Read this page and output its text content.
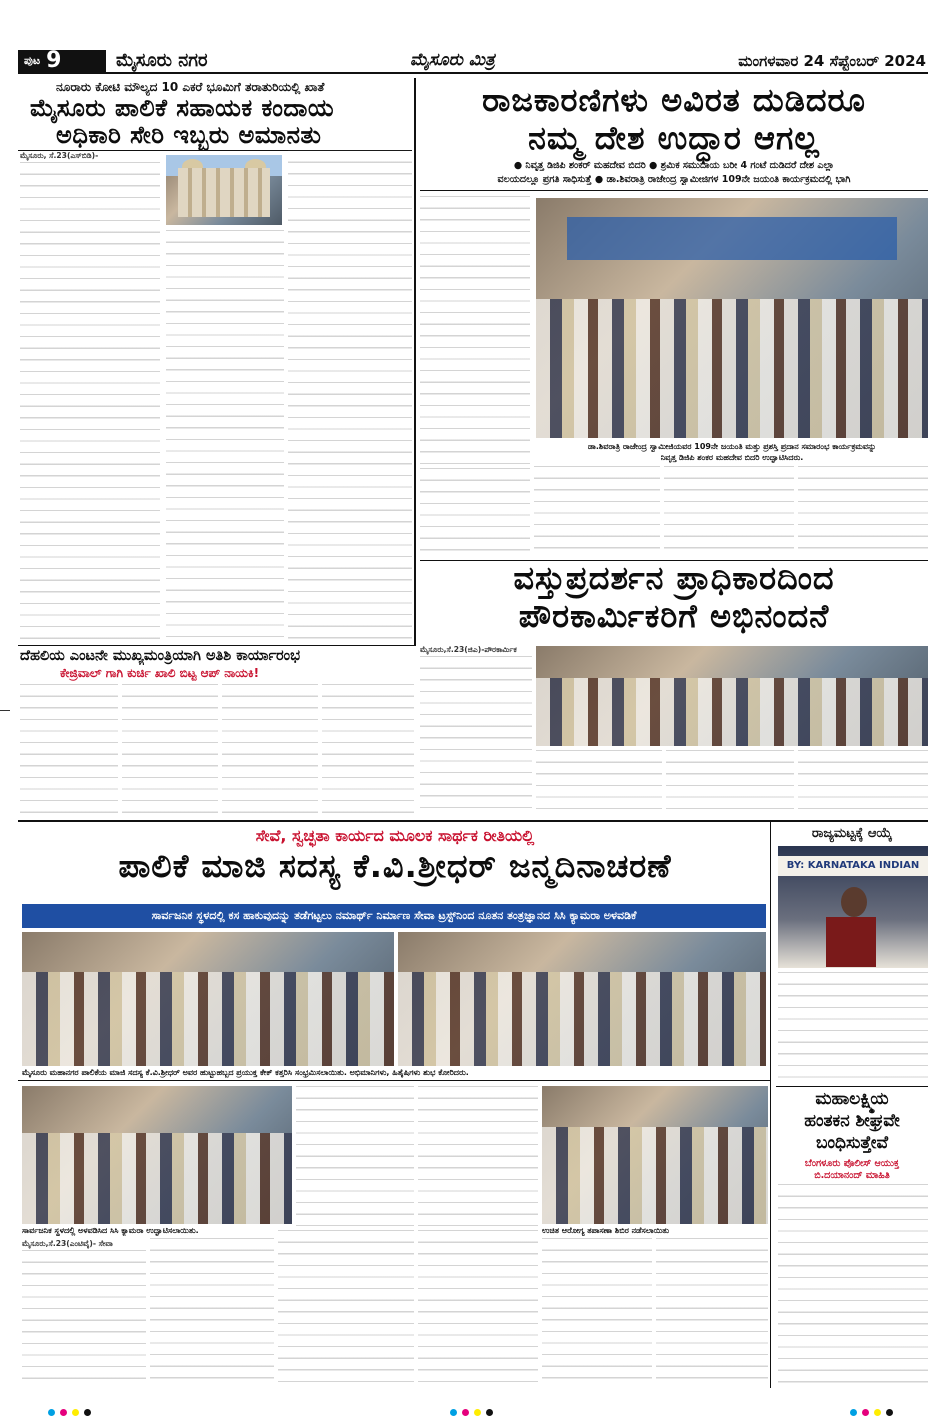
ಪುಟ 9	ಮೈಸೂರು ನಗರ	ಮೈಸೂರು ಮಿತ್ರ	ಮಂಗಳವಾರ 24 ಸೆಪ್ಟೆಂಬರ್ 2024
ನೂರಾರು ಕೋಟಿ ಮೌಲ್ಯದ 10 ಎಕರೆ ಭೂಮಿಗೆ ತರಾತುರಿಯಲ್ಲಿ ಖಾತೆ
ಮೈಸೂರು ಪಾಲಿಕೆ ಸಹಾಯಕ ಕಂದಾಯ
ಅಧಿಕಾರಿ ಸೇರಿ ಇಬ್ಬರು ಅಮಾನತು
ಮೈಸೂರು, ಸೆ.23(ಎಸ್‌ಬಿಡಿ)-
ರಾಜಕಾರಣಿಗಳು ಅವಿರತ ದುಡಿದರೂ
ನಮ್ಮ ದೇಶ ಉದ್ಧಾರ ಆಗಲ್ಲ
● ನಿವೃತ್ತ ಡಿಜಿಪಿ ಶಂಕರ್ ಮಹದೇವ ಬಿದರಿ ● ಶ್ರಮಿಕ ಸಮುದಾಯ ಬರೀ 4 ಗಂಟೆ ದುಡಿದರೆ ದೇಶ ಎಲ್ಲಾ
ವಲಯದಲ್ಲೂ ಪ್ರಗತಿ ಸಾಧಿಸುತ್ತೆ ● ಡಾ.ಶಿವರಾತ್ರಿ ರಾಜೇಂದ್ರ ಸ್ವಾಮೀಜಿಗಳ 109ನೇ ಜಯಂತಿ ಕಾರ್ಯಕ್ರಮದಲ್ಲಿ ಭಾಗಿ
ಡಾ.ಶಿವರಾತ್ರಿ ರಾಜೇಂದ್ರ ಸ್ವಾಮೀಜಿಯವರ 109ನೇ ಜಯಂತಿ ಮತ್ತು ಪ್ರಶಸ್ತಿ ಪ್ರದಾನ ಸಮಾರಂಭ ಕಾರ್ಯಕ್ರಮವನ್ನು
ನಿವೃತ್ತ ಡಿಜಿಪಿ ಶಂಕರ ಮಹದೇವ ಬಿದರಿ ಉದ್ಘಾಟಿಸಿದರು.
ವಸ್ತುಪ್ರದರ್ಶನ ಪ್ರಾಧಿಕಾರದಿಂದ
ಪೌರಕಾರ್ಮಿಕರಿಗೆ ಅಭಿನಂದನೆ
ಮೈಸೂರು,ಸೆ.23(ಜಿಎ)-ಪೌರಕಾರ್ಮಿಕ
ದೆಹಲಿಯ ಎಂಟನೇ ಮುಖ್ಯಮಂತ್ರಿಯಾಗಿ ಅತಿಶಿ ಕಾರ್ಯಾರಂಭ
ಕೇಜ್ರಿವಾಲ್ ಗಾಗಿ ಕುರ್ಚಿ ಖಾಲಿ ಬಿಟ್ಟ ಆಪ್ ನಾಯಕಿ!
ಸೇವೆ, ಸ್ವಚ್ಛತಾ ಕಾರ್ಯದ ಮೂಲಕ ಸಾರ್ಥಕ ರೀತಿಯಲ್ಲಿ
ಪಾಲಿಕೆ ಮಾಜಿ ಸದಸ್ಯ ಕೆ.ವಿ.ಶ್ರೀಧರ್ ಜನ್ಮದಿನಾಚರಣೆ
ಸಾರ್ವಜನಿಕ ಸ್ಥಳದಲ್ಲಿ ಕಸ ಹಾಕುವುದನ್ನು ತಡೆಗಟ್ಟಲು ನಮಾರ್ಥ್ ನಿರ್ಮಾಣ ಸೇವಾ ಟ್ರಸ್ಟ್‌ನಿಂದ ನೂತನ ತಂತ್ರಜ್ಞಾನದ ಸಿಸಿ ಕ್ಯಾಮರಾ ಅಳವಡಿಕೆ
ಮೈಸೂರು ಮಹಾನಗರ ಪಾಲಿಕೆಯ ಮಾಜಿ ಸದಸ್ಯ ಕೆ.ವಿ.ಶ್ರೀಧರ್ ಅವರ ಹುಟ್ಟುಹಬ್ಬದ ಪ್ರಯುಕ್ತ ಕೇಕ್ ಕತ್ತರಿಸಿ ಸಂಭ್ರಮಿಸಲಾಯಿತು. ಅಭಿಮಾನಿಗಳು, ಹಿತೈಷಿಗಳು ಶುಭ ಕೋರಿದರು.
ಸಾರ್ವಜನಿಕ ಸ್ಥಳದಲ್ಲಿ ಅಳವಡಿಸಿದ ಸಿಸಿ ಕ್ಯಾಮರಾ ಉದ್ಘಾಟಿಸಲಾಯಿತು.	ಉಚಿತ ಆರೋಗ್ಯ ತಪಾಸಣಾ ಶಿಬಿರ ನಡೆಸಲಾಯಿತು
ಮೈಸೂರು,ಸೆ.23(ಎಂಟಿವೈ)- ಸೇವಾ
ರಾಜ್ಯಮಟ್ಟಕ್ಕೆ ಆಯ್ಕೆ
BY: KARNATAKA INDIAN
ಮಹಾಲಕ್ಷ್ಮಿಯ
ಹಂತಕನ ಶೀಘ್ರವೇ
ಬಂಧಿಸುತ್ತೇವೆ
ಬೆಂಗಳೂರು ಪೊಲೀಸ್ ಆಯುಕ್ತ
ಬಿ.ದಯಾನಂದ್ ಮಾಹಿತಿ
